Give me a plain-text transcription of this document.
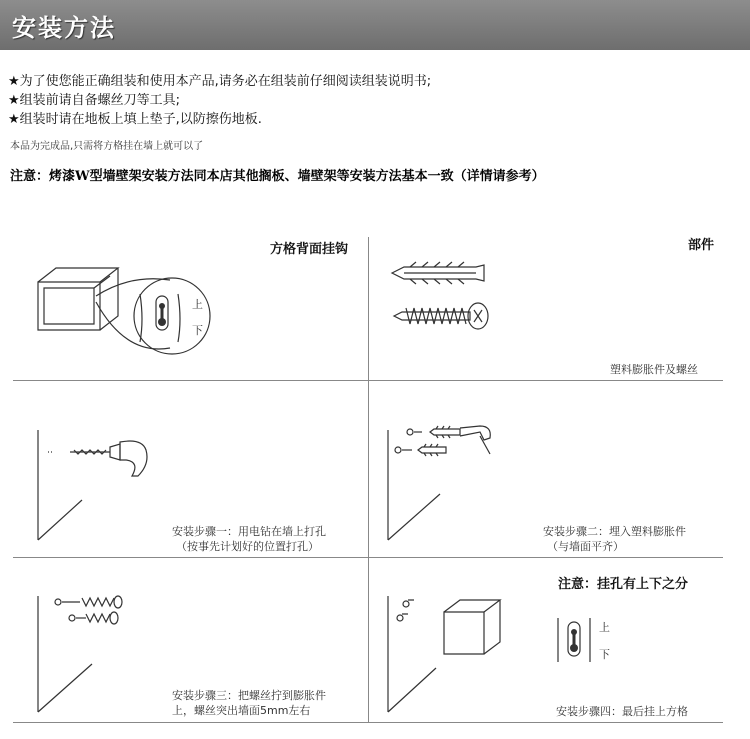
安装方法
★为了使您能正确组装和使用本产品,请务必在组装前仔细阅读组装说明书;
★组装前请自备螺丝刀等工具;
★组装时请在地板上填上垫子,以防擦伤地板.
本品为完成品,只需将方格挂在墙上就可以了
注意：烤漆W型墙壁架安装方法同本店其他搁板、墙壁架等安装方法基本一致（详情请参考）
方格背面挂钩
上
下
部件
塑料膨胀件及螺丝
安装步骤一：用电钻在墙上打孔
（按事先计划好的位置打孔）
安装步骤二：埋入塑料膨胀件
（与墙面平齐）
安装步骤三：把螺丝拧到膨胀件
上，螺丝突出墙面5mm左右
注意：挂孔有上下之分
上
下
安装步骤四：最后挂上方格
